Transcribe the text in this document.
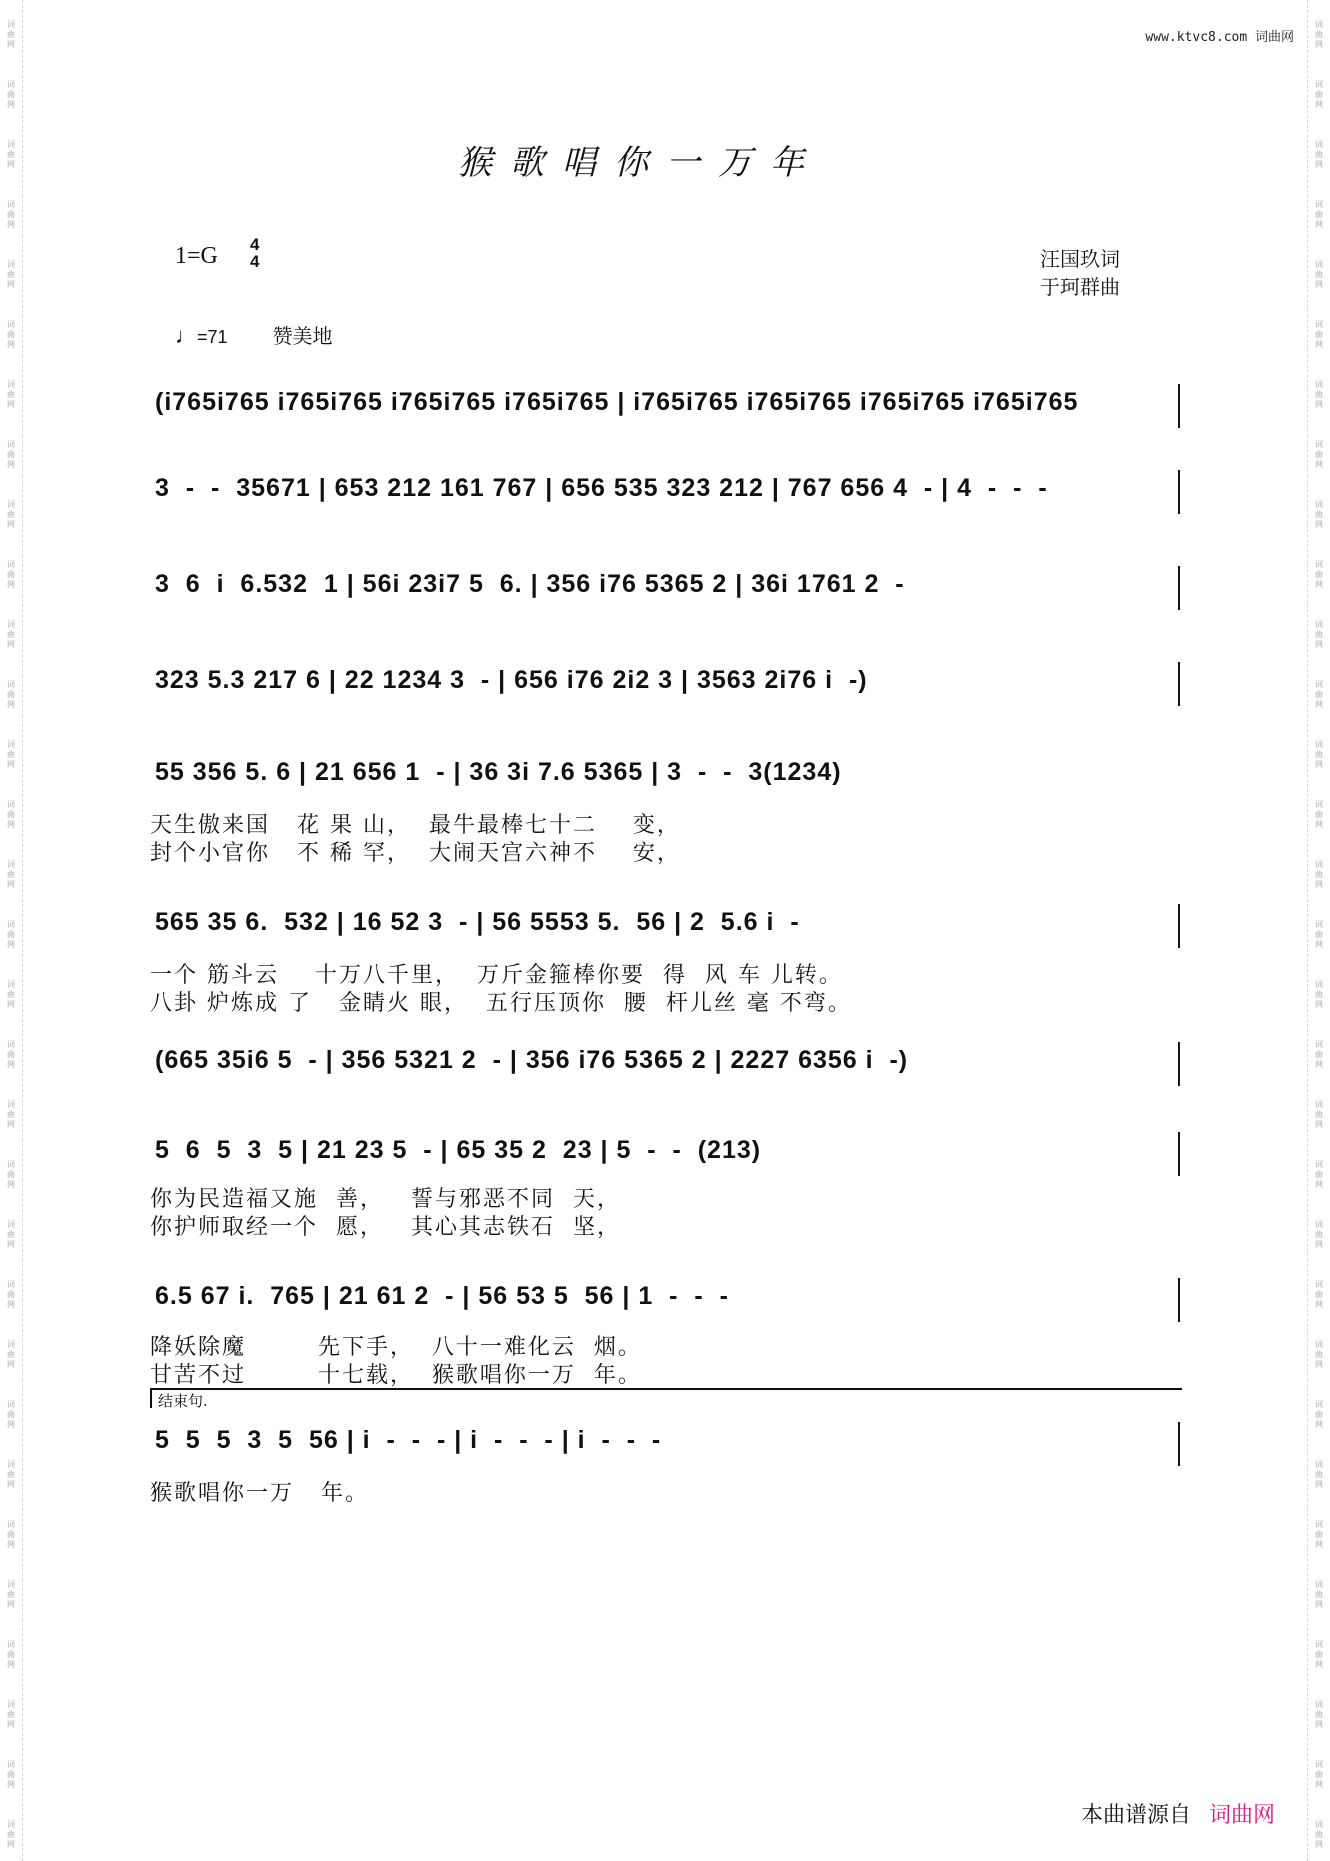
词
曲
网
词
曲
网
词
曲
网
词
曲
网
词
曲
网
词
曲
网
词
曲
网
词
曲
网
词
曲
网
词
曲
网
词
曲
网
词
曲
网
词
曲
网
词
曲
网
词
曲
网
词
曲
网
词
曲
网
词
曲
网
词
曲
网
词
曲
网
词
曲
网
词
曲
网
词
曲
网
词
曲
网
词
曲
网
词
曲
网
词
曲
网
词
曲
网
词
曲
网
词
曲
网
词
曲
网
词
曲
网
词
曲
网
词
曲
网
词
曲
网
词
曲
网
词
曲
网
词
曲
网
词
曲
网
词
曲
网
词
曲
网
词
曲
网
词
曲
网
词
曲
网
词
曲
网
词
曲
网
词
曲
网
词
曲
网
词
曲
网
词
曲
网
词
曲
网
词
曲
网
词
曲
网
词
曲
网
词
曲
网
词
曲
网
词
曲
网
词
曲
网
词
曲
网
词
曲
网
词
曲
网
词
曲
网
www.ktvc8.com 词曲网
猴歌唱你一万年
1=G 4
4	汪国玖词
于珂群曲
♩=71 赞美地
(i765i765 i765i765 i765i765 i765i765 | i765i765 i765i765 i765i765 i765i765
3  -  -  35671 | 653 212 161 767 | 656 535 323 212 | 767 656 4  - | 4  -  -  -
3  6  i  6.532  1 | 56i 23i7 5  6. | 356 i76 5365 2 | 36i 1761 2  -
323 5.3 217 6 | 22 1234 3  - | 656 i76 2i2 3 | 3563 2i76 i  -)
55 356 5. 6 | 21 656 1  - | 36 3i 7.6 5365 | 3  -  -  3(1234)
天生傲来国   花 果 山，  最牛最棒七十二    变，
封个小官你   不 稀 罕，  大闹天宫六神不    安，
565 35 6.  532 | 16 52 3  - | 56 5553 5.  56 | 2  5.6 i  -
一个 筋斗云    十万八千里，  万斤金箍棒你要  得  风 车 儿转。
八卦 炉炼成 了   金睛火 眼，  五行压顶你  腰  杆儿丝 毫 不弯。
(665 35i6 5  - | 356 5321 2  - | 356 i76 5365 2 | 2227 6356 i  -)
5  6  5  3  5 | 21 23 5  - | 65 35 2  23 | 5  -  -  (213)
你为民造福又施  善，   誓与邪恶不同  天，
你护师取经一个  愿，   其心其志铁石  坚，
6.5 67 i.  765 | 21 61 2  - | 56 53 5  56 | 1  -  -  -
降妖除魔        先下手，  八十一难化云  烟。
甘苦不过        十七载，  猴歌唱你一万  年。
结束句.
5  5  5  3  5  56 | i  -  -  - | i  -  -  - | i  -  -  -
猴歌唱你一万   年。
本曲谱源自 词曲网
